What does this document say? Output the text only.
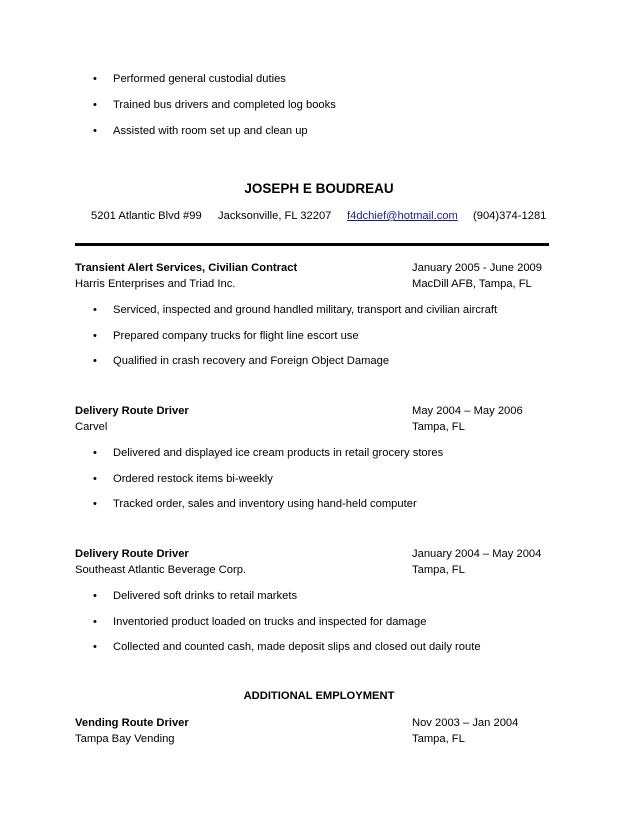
• Performed general custodial duties
• Trained bus drivers and completed log books
• Assisted with room set up and clean up
JOSEPH E BOUDREAU
5201 Atlantic Blvd #99 Jacksonville, FL 32207 f4dchief@hotmail.com (904)374-1281
Transient Alert Services, Civilian Contract	January 2005 - June 2009
Harris Enterprises and Triad Inc.	MacDill AFB, Tampa, FL
• Serviced, inspected and ground handled military, transport and civilian aircraft
• Prepared company trucks for flight line escort use
• Qualified in crash recovery and Foreign Object Damage
Delivery Route Driver	May 2004 – May 2006
Carvel	Tampa, FL
• Delivered and displayed ice cream products in retail grocery stores
• Ordered restock items bi-weekly
• Tracked order, sales and inventory using hand-held computer
Delivery Route Driver	January 2004 – May 2004
Southeast Atlantic Beverage Corp.	Tampa, FL
• Delivered soft drinks to retail markets
• Inventoried product loaded on trucks and inspected for damage
• Collected and counted cash, made deposit slips and closed out daily route
ADDITIONAL EMPLOYMENT
Vending Route Driver	Nov 2003 – Jan 2004
Tampa Bay Vending	Tampa, FL
